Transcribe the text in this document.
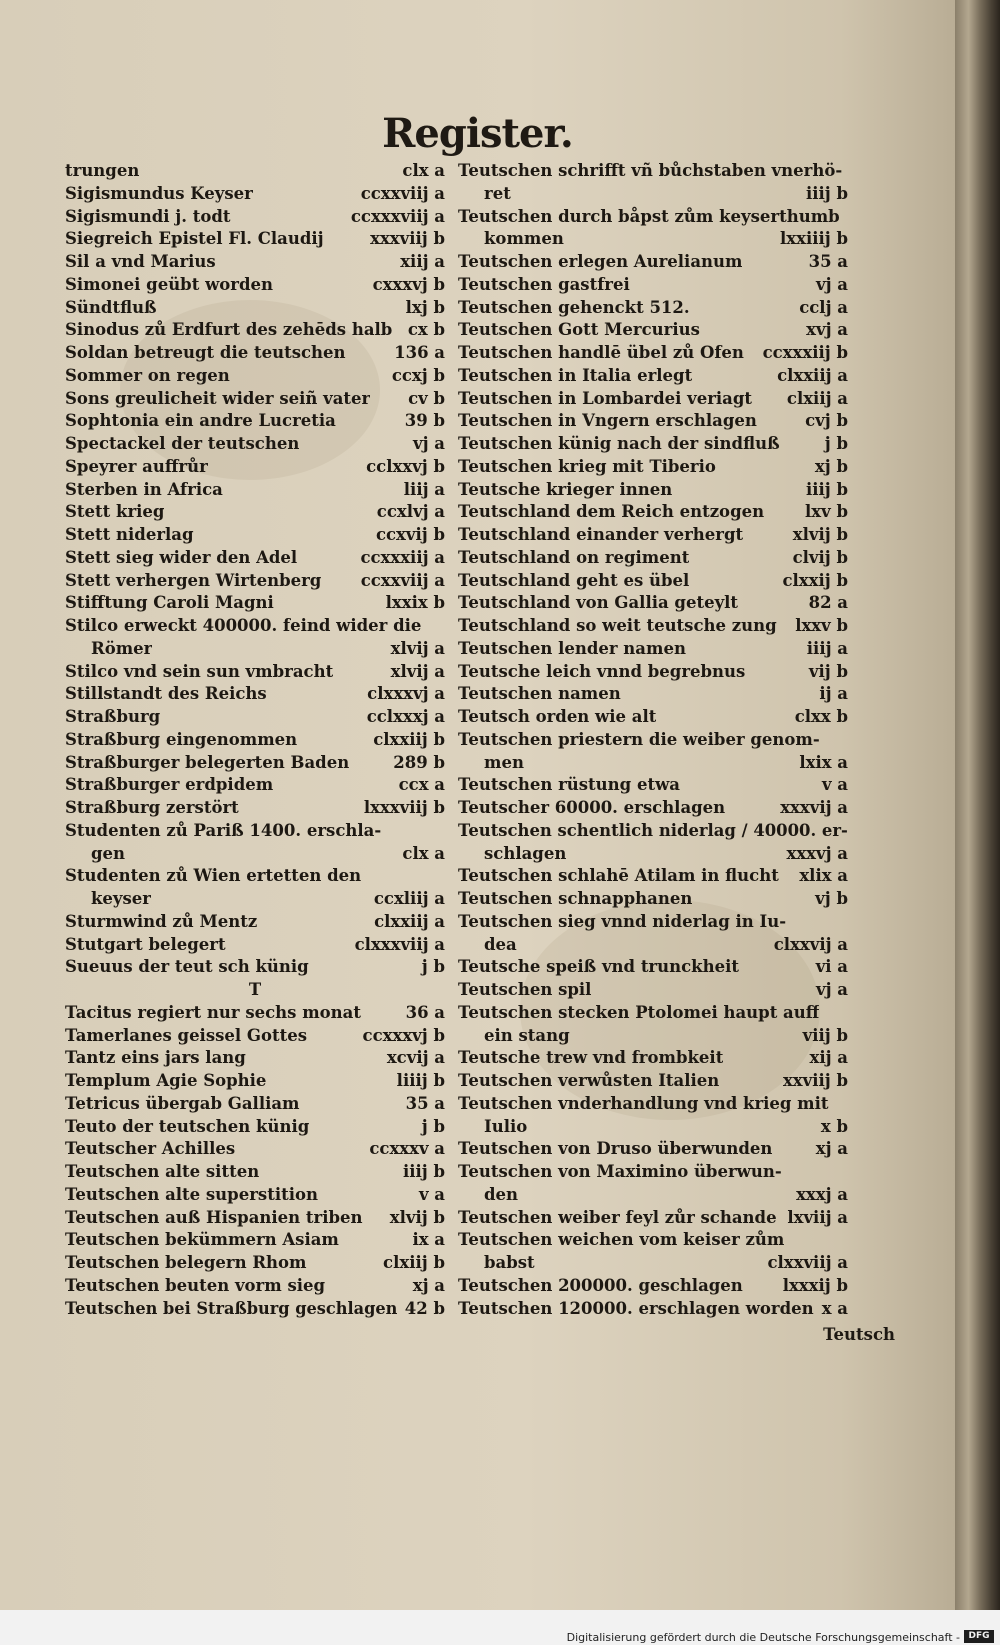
Register.
trungen	clx a
Sigismundus Keyser	ccxxviij a
Sigismundi j. todt	ccxxxviij a
Siegreich Epistel Fl. Claudij	xxxviij b
Sil a vnd Marius	xiij a
Simonei geübt worden	cxxxvj b
Sündtfluß	lxj b
Sinodus zů Erdfurt des zehēds halb cx b
Soldan betreugt die teutschen	136 a
Sommer on regen	ccxj b
Sons greulicheit wider seiñ vater cv b
Sophtonia ein andre Lucretia	39 b
Spectackel der teutschen	vj a
Speyrer auffrůr	cclxxvj b
Sterben in Africa	liij a
Stett krieg	ccxlvj a
Stett niderlag	ccxvij b
Stett sieg wider den Adel	ccxxxiij a
Stett verhergen Wirtenberg ccxxviij a
Stifftung Caroli Magni	lxxix b
Stilco erweckt 400000. feind wider die
Römer	xlvij a
Stilco vnd sein sun vmbracht	xlvij a
Stillstandt des Reichs	clxxxvj a
Straßburg	cclxxxj a
Straßburg eingenommen	clxxiij b
Straßburger belegerten Baden	289 b
Straßburger erdpidem	ccx a
Straßburg zerstört	lxxxviij b
Studenten zů Pariß 1400. erschla-
gen	clx a
Studenten zů Wien ertetten den
keyser	ccxliij a
Sturmwind zů Mentz	clxxiij a
Stutgart belegert	clxxxviij a
Sueuus der teut sch künig	j b
T
Tacitus regiert nur sechs monat	36 a
Tamerlanes geissel Gottes	ccxxxvj b
Tantz eins jars lang	xcvij a
Templum Agie Sophie	liiij b
Tetricus übergab Galliam	35 a
Teuto der teutschen künig	j b
Teutscher Achilles	ccxxxv a
Teutschen alte sitten	iiij b
Teutschen alte superstition	v a
Teutschen auß Hispanien triben xlvij b
Teutschen bekümmern Asiam	ix a
Teutschen belegern Rhom	clxiij b
Teutschen beuten vorm sieg	xj a
Teutschen bei Straßburg geschlagen 42 b
Teutschen schrifft vñ bůchstaben vnerhö-
ret	iiij b
Teutschen durch båpst zům keyserthumb
kommen	lxxiiij b
Teutschen erlegen Aurelianum	35 a
Teutschen gastfrei	vj a
Teutschen gehenckt 512.	cclj a
Teutschen Gott Mercurius	xvj a
Teutschen handlē übel zů Ofen ccxxxiij b
Teutschen in Italia erlegt	clxxiij a
Teutschen in Lombardei veriagt clxiij a
Teutschen in Vngern erschlagen	cvj b
Teutschen künig nach der sindfluß	j b
Teutschen krieg mit Tiberio	xj b
Teutsche krieger innen	iiij b
Teutschland dem Reich entzogen lxv b
Teutschland einander verhergt	xlvij b
Teutschland on regiment	clvij b
Teutschland geht es übel	clxxij b
Teutschland von Gallia geteylt	82 a
Teutschland so weit teutsche zung lxxv b
Teutschen lender namen	iiij a
Teutsche leich vnnd begrebnus	vij b
Teutschen namen	ij a
Teutsch orden wie alt	clxx b
Teutschen priestern die weiber genom-
men	lxix a
Teutschen rüstung etwa	v a
Teutscher 60000. erschlagen	xxxvij a
Teutschen schentlich niderlag / 40000. er-
schlagen	xxxvj a
Teutschen schlahē Atilam in flucht xlix a
Teutschen schnapphanen	vj b
Teutschen sieg vnnd niderlag in Iu-
dea	clxxvij a
Teutsche speiß vnd trunckheit	vi a
Teutschen spil	vj a
Teutschen stecken Ptolomei haupt auff
ein stang	viij b
Teutsche trew vnd frombkeit	xij a
Teutschen verwůsten Italien	xxviij b
Teutschen vnderhandlung vnd krieg mit
Iulio	x b
Teutschen von Druso überwunden	xj a
Teutschen von Maximino überwun-
den	xxxj a
Teutschen weiber feyl zůr schande lxviij a
Teutschen weichen vom keiser zům
babst	clxxviij a
Teutschen 200000. geschlagen lxxxij b
Teutschen 120000. erschlagen worden x a
Teutsch
Digitalisierung gefördert durch die Deutsche Forschungsgemeinschaft - DFG
